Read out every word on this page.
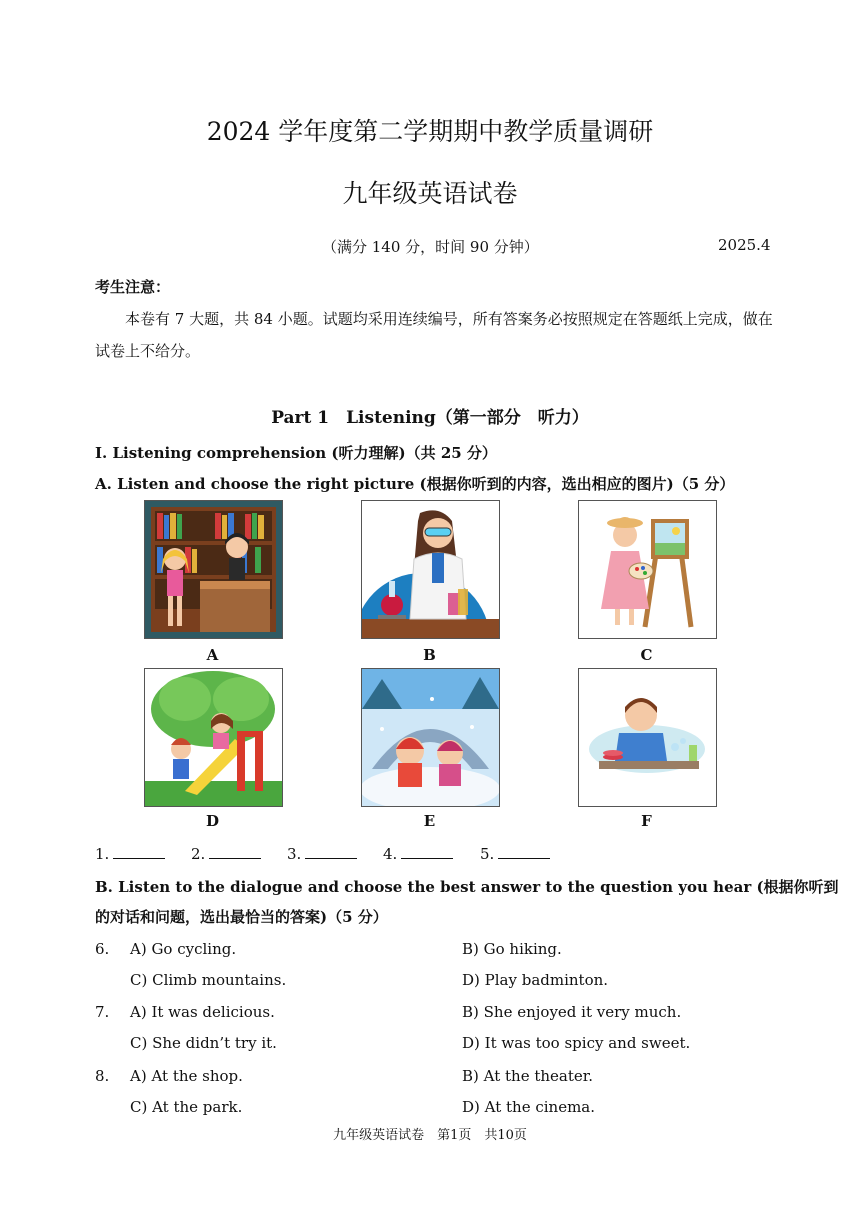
2024 学年度第二学期期中教学质量调研
九年级英语试卷
（满分 140 分，时间 90 分钟）	2025.4
考生注意：
本卷有 7 大题，共 84 小题。试题均采用连续编号，所有答案务必按照规定在答题纸上完成，做在试卷上不给分。
Part 1　Listening（第一部分　听力）
I. Listening comprehension (听力理解)（共 25 分）
A. Listen and choose the right picture (根据你听到的内容，选出相应的图片)（5 分）
A	B	C
D	E	F
1.	2.	3.	4.	5.
B. Listen to the dialogue and choose the best answer to the question you hear (根据你听到
的对话和问题，选出最恰当的答案)（5 分）
6. A) Go cycling.	B) Go hiking.
C) Climb mountains.	D) Play badminton.
7. A) It was delicious.	B) She enjoyed it very much.
C) She didn’t try it.	D) It was too spicy and sweet.
8. A) At the shop.	B) At the theater.
C) At the park.	D) At the cinema.
九年级英语试卷　第1页　共10页
